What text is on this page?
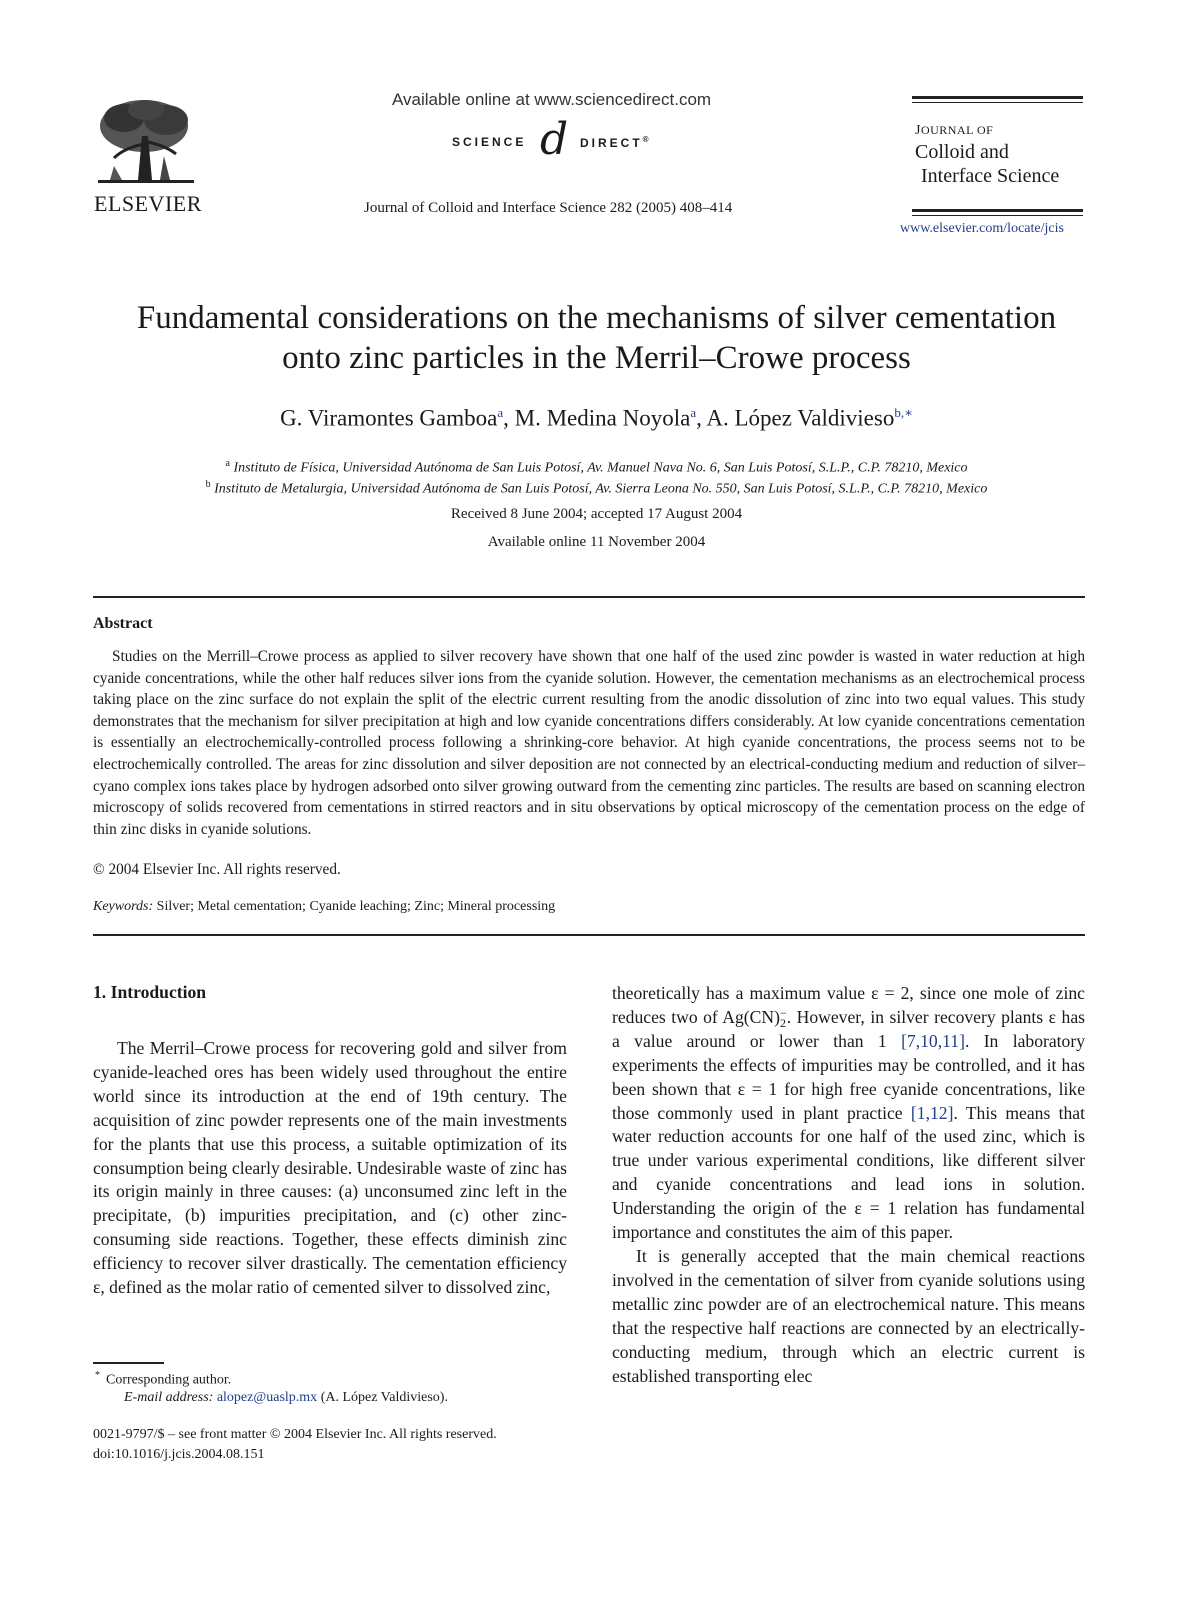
ELSEVIER
Available online at www.sciencedirect.com
SCIENCE d DIRECT®
Journal of Colloid and Interface Science 282 (2005) 408–414
JOURNAL OF
Colloid and
Interface Science
www.elsevier.com/locate/jcis
Fundamental considerations on the mechanisms of silver cementation
onto zinc particles in the Merril–Crowe process
G. Viramontes Gamboa$^a$, M. Medina Noyola$^a$, A. López Valdivieso$^{b,∗}$
$^a$ Instituto de Física, Universidad Autónoma de San Luis Potosí, Av. Manuel Nava No. 6, San Luis Potosí, S.L.P., C.P. 78210, Mexico
$^b$ Instituto de Metalurgia, Universidad Autónoma de San Luis Potosí, Av. Sierra Leona No. 550, San Luis Potosí, S.L.P., C.P. 78210, Mexico
Received 8 June 2004; accepted 17 August 2004
Available online 11 November 2004
Abstract
Studies on the Merrill–Crowe process as applied to silver recovery have shown that one half of the used zinc powder is wasted in water reduction at high cyanide concentrations, while the other half reduces silver ions from the cyanide solution. However, the cementation mechanisms as an electrochemical process taking place on the zinc surface do not explain the split of the electric current resulting from the anodic dissolution of zinc into two equal values. This study demonstrates that the mechanism for silver precipitation at high and low cyanide concentrations differs considerably. At low cyanide concentrations cementation is essentially an electrochemically-controlled process following a shrinking-core behavior. At high cyanide concentrations, the process seems not to be electrochemically controlled. The areas for zinc dissolution and silver deposition are not connected by an electrical-conducting medium and reduction of silver–cyano complex ions takes place by hydrogen adsorbed onto silver growing outward from the cementing zinc particles. The results are based on scanning electron microscopy of solids recovered from cementations in stirred reactors and in situ observations by optical microscopy of the cementation process on the edge of thin zinc disks in cyanide solutions.
© 2004 Elsevier Inc. All rights reserved.
Keywords: Silver; Metal cementation; Cyanide leaching; Zinc; Mineral processing
1. Introduction

The Merril–Crowe process for recovering gold and silver from cyanide-leached ores has been widely used throughout the entire world since its introduction at the end of 19th century. The acquisition of zinc powder represents one of the main investments for the plants that use this process, a suitable optimization of its consumption being clearly desirable. Undesirable waste of zinc has its origin mainly in three causes: (a) unconsumed zinc left in the precipitate, (b) impurities precipitation, and (c) other zinc-consuming side reactions. Together, these effects diminish zinc efficiency to recover silver drastically. The cementation efficiency ε, defined as the molar ratio of cemented silver to dissolved zinc,

theoretically has a maximum value ε = 2, since one mole of zinc reduces two of Ag(CN) −
2 . However, in silver recovery plants ε has a value around or lower than 1 [7,10,11]. In laboratory experiments the effects of impurities may be controlled, and it has been shown that ε = 1 for high free cyanide concentrations, like those commonly used in plant practice [1,12]. This means that water reduction accounts for one half of the used zinc, which is true under various experimental conditions, like different silver and cyanide concentrations and lead ions in solution. Understanding the origin of the ε = 1 relation has fundamental importance and constitutes the aim of this paper.

It is generally accepted that the main chemical reactions involved in the cementation of silver from cyanide solutions using metallic zinc powder are of an electrochemical nature. This means that the respective half reactions are connected by an electrically-conducting medium, through which an electric current is established transporting elec

* Corresponding author.
E-mail address: alopez@uaslp.mx (A. López Valdivieso).
0021-9797/$ – see front matter © 2004 Elsevier Inc. All rights reserved.
doi:10.1016/j.jcis.2004.08.151
